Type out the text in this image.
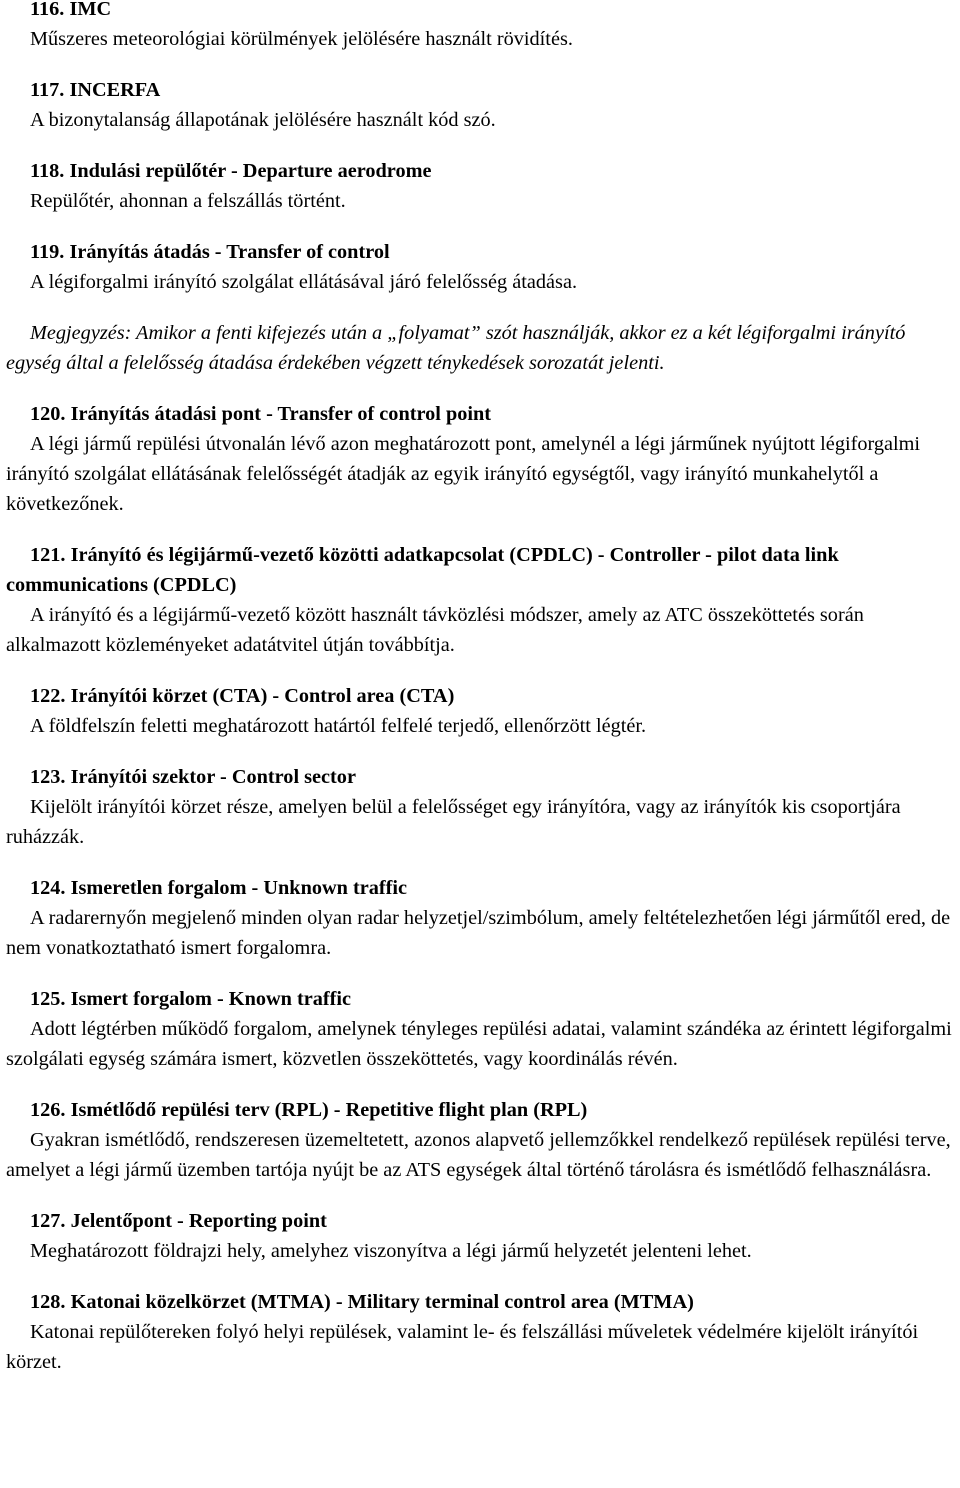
116. IMC
Műszeres meteorológiai körülmények jelölésére használt rövidítés.
117. INCERFA
A bizonytalanság állapotának jelölésére használt kód szó.
118. Indulási repülőtér - Departure aerodrome
Repülőtér, ahonnan a felszállás történt.
119. Irányítás átadás - Transfer of control
A légiforgalmi irányító szolgálat ellátásával járó felelősség átadása.

Megjegyzés: Amikor a fenti kifejezés után a „folyamat” szót használják, akkor ez a két légiforgalmi irányító egység által a felelősség átadása érdekében végzett ténykedések sorozatát jelenti.

120. Irányítás átadási pont - Transfer of control point
A légi jármű repülési útvonalán lévő azon meghatározott pont, amelynél a légi járműnek nyújtott légiforgalmi irányító szolgálat ellátásának felelősségét átadják az egyik irányító egységtől, vagy irányító munkahelytől a következőnek.
121. Irányító és légijármű-vezető közötti adatkapcsolat (CPDLC) - Controller - pilot data link communications (CPDLC)
A irányító és a légijármű-vezető között használt távközlési módszer, amely az ATC összeköttetés során alkalmazott közleményeket adatátvitel útján továbbítja.
122. Irányítói körzet (CTA) - Control area (CTA)
A földfelszín feletti meghatározott határtól felfelé terjedő, ellenőrzött légtér.
123. Irányítói szektor - Control sector
Kijelölt irányítói körzet része, amelyen belül a felelősséget egy irányítóra, vagy az irányítók kis csoportjára ruházzák.
124. Ismeretlen forgalom - Unknown traffic
A radarernyőn megjelenő minden olyan radar helyzetjel/szimbólum, amely feltételezhetően légi járműtől ered, de nem vonatkoztatható ismert forgalomra.
125. Ismert forgalom - Known traffic
Adott légtérben működő forgalom, amelynek tényleges repülési adatai, valamint szándéka az érintett légiforgalmi szolgálati egység számára ismert, közvetlen összeköttetés, vagy koordinálás révén.
126. Ismétlődő repülési terv (RPL) - Repetitive flight plan (RPL)
Gyakran ismétlődő, rendszeresen üzemeltetett, azonos alapvető jellemzőkkel rendelkező repülések repülési terve, amelyet a légi jármű üzemben tartója nyújt be az ATS egységek által történő tárolásra és ismétlődő felhasználásra.
127. Jelentőpont - Reporting point
Meghatározott földrajzi hely, amelyhez viszonyítva a légi jármű helyzetét jelenteni lehet.
128. Katonai közelkörzet (MTMA) - Military terminal control area (MTMA)
Katonai repülőtereken folyó helyi repülések, valamint le- és felszállási műveletek védelmére kijelölt irányítói körzet.
